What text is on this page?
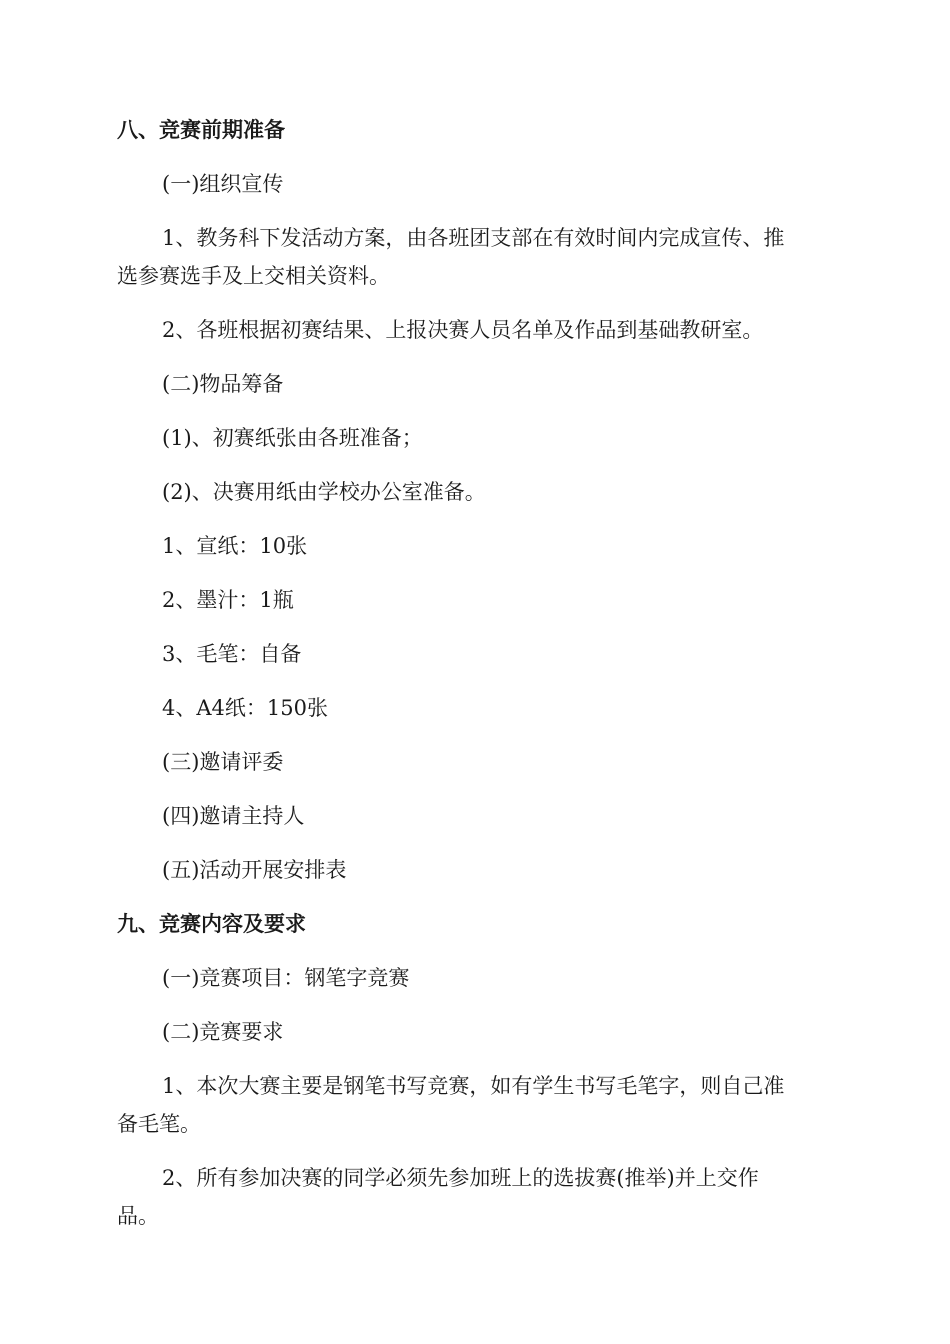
八、竞赛前期准备
(一)组织宣传
1、教务科下发活动方案，由各班团支部在有效时间内完成宣传、推
选参赛选手及上交相关资料。
2、各班根据初赛结果、上报决赛人员名单及作品到基础教研室。
(二)物品筹备
(1)、初赛纸张由各班准备；
(2)、决赛用纸由学校办公室准备。
1、宣纸：10张
2、墨汁：1瓶
3、毛笔：自备
4、A4纸：150张
(三)邀请评委
(四)邀请主持人
(五)活动开展安排表
九、竞赛内容及要求
(一)竞赛项目：钢笔字竞赛
(二)竞赛要求
1、本次大赛主要是钢笔书写竞赛，如有学生书写毛笔字，则自己准
备毛笔。
2、所有参加决赛的同学必须先参加班上的选拔赛(推举)并上交作
品。
